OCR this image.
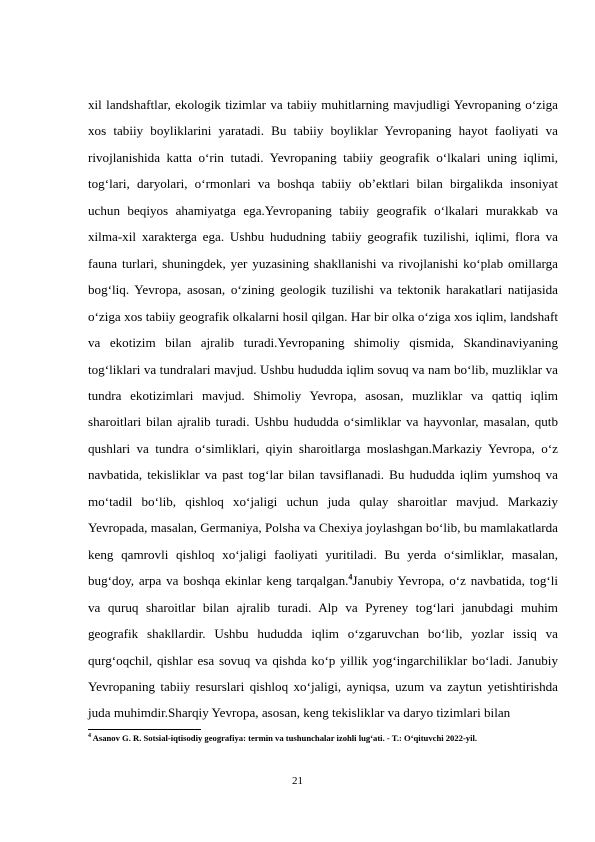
xil landshaftlar, ekologik tizimlar va tabiiy muhitlarning mavjudligi Yevropaning o‘ziga xos tabiiy boyliklarini yaratadi. Bu tabiiy boyliklar Yevropaning hayot faoliyati va rivojlanishida katta o‘rin tutadi. Yevropaning tabiiy geografik o‘lkalari uning iqlimi, tog‘lari, daryolari, o‘rmonlari va boshqa tabiiy ob’ektlari bilan birgalikda insoniyat uchun beqiyos ahamiyatga ega.Yevropaning tabiiy geografik o‘lkalari murakkab va xilma-xil xarakterga ega. Ushbu hududning tabiiy geografik tuzilishi, iqlimi, flora va fauna turlari, shuningdek, yer yuzasining shakllanishi va rivojlanishi ko‘plab omillarga bog‘liq. Yevropa, asosan, o‘zining geologik tuzilishi va tektonik harakatlari natijasida o‘ziga xos tabiiy geografik olkalarni hosil qilgan. Har bir olka o‘ziga xos iqlim, landshaft va ekotizim bilan ajralib turadi.Yevropaning shimoliy qismida, Skandinaviyaning tog‘liklari va tundralari mavjud. Ushbu hududda iqlim sovuq va nam bo‘lib, muzliklar va tundra ekotizimlari mavjud. Shimoliy Yevropa, asosan, muzliklar va qattiq iqlim sharoitlari bilan ajralib turadi. Ushbu hududda o‘simliklar va hayvonlar, masalan, qutb qushlari va tundra o‘simliklari, qiyin sharoitlarga moslashgan.Markaziy Yevropa, o‘z navbatida, tekisliklar va past tog‘lar bilan tavsiflanadi. Bu hududda iqlim yumshoq va mo‘tadil bo‘lib, qishloq xo‘jaligi uchun juda qulay sharoitlar mavjud. Markaziy Yevropada, masalan, Germaniya, Polsha va Chexiya joylashgan bo‘lib, bu mamlakatlarda keng qamrovli qishloq xo‘jaligi faoliyati yuritiladi. Bu yerda o‘simliklar, masalan, bug‘doy, arpa va boshqa ekinlar keng tarqalgan.$^4$Janubiy Yevropa, o‘z navbatida, tog‘li va quruq sharoitlar bilan ajralib turadi. Alp va Pyreney tog‘lari janubdagi muhim geografik shakllardir. Ushbu hududda iqlim o‘zgaruvchan bo‘lib, yozlar issiq va qurg‘oqchil, qishlar esa sovuq va qishda ko‘p yillik yog‘ingarchiliklar bo‘ladi. Janubiy Yevropaning tabiiy resurslari qishloq xo‘jaligi, ayniqsa, uzum va zaytun yetishtirishda juda muhimdir.Sharqiy Yevropa, asosan, keng tekisliklar va daryo tizimlari bilan

$^4$ Asanov G. R. Sotsial-iqtisodiy geografiya: termin va tushunchalar izohli lug‘ati. - T.: O‘qituvchi 2022-yil.

21
